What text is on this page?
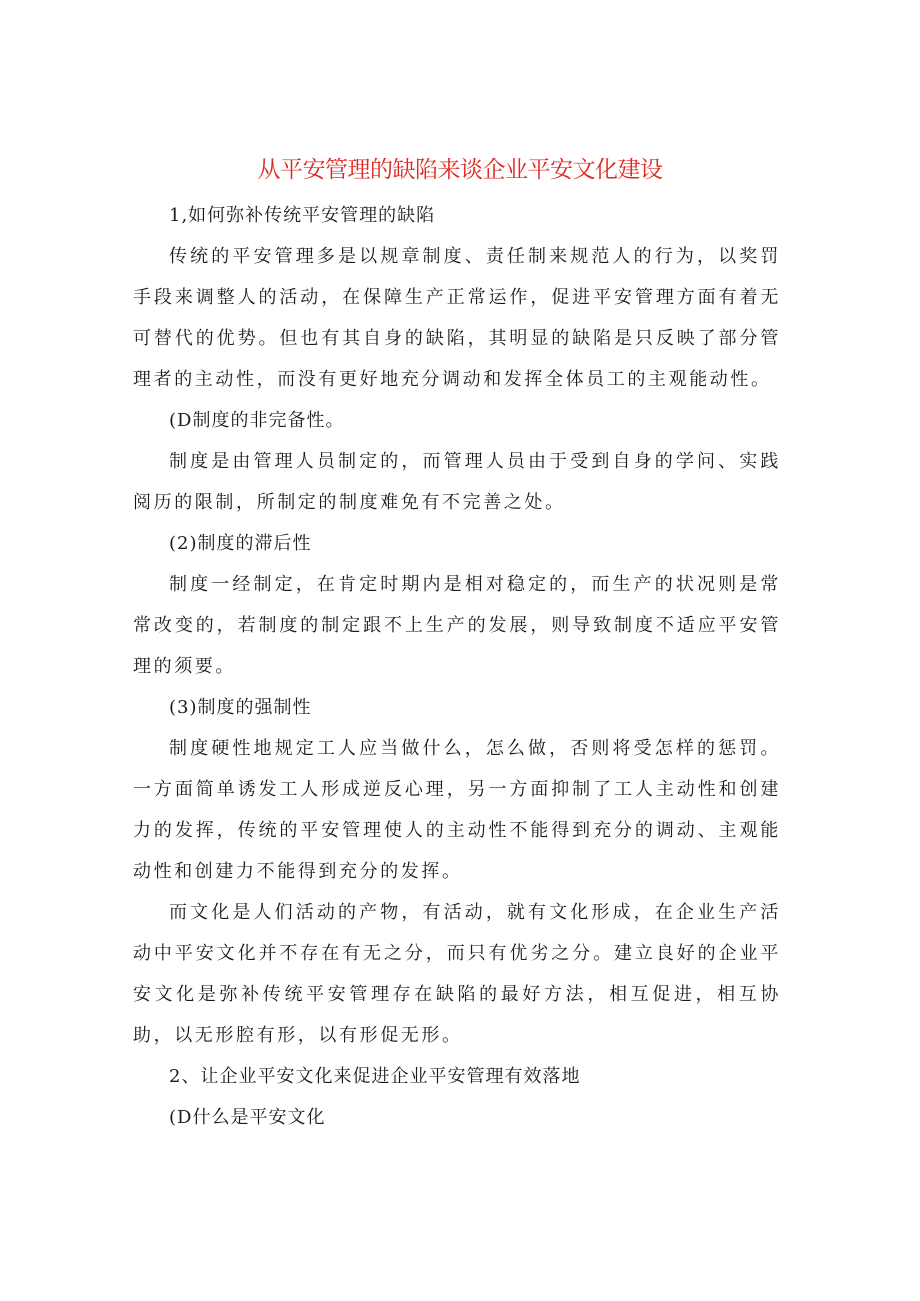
从平安管理的缺陷来谈企业平安文化建设

1,如何弥补传统平安管理的缺陷

传统的平安管理多是以规章制度、责任制来规范人的行为，以奖罚手段来调整人的活动，在保障生产正常运作，促进平安管理方面有着无可替代的优势。但也有其自身的缺陷，其明显的缺陷是只反映了部分管理者的主动性，而没有更好地充分调动和发挥全体员工的主观能动性。

(D制度的非完备性。

制度是由管理人员制定的，而管理人员由于受到自身的学问、实践阅历的限制，所制定的制度难免有不完善之处。

(2)制度的滞后性

制度一经制定，在肯定时期内是相对稳定的，而生产的状况则是常常改变的，若制度的制定跟不上生产的发展，则导致制度不适应平安管理的须要。

(3)制度的强制性

制度硬性地规定工人应当做什么，怎么做，否则将受怎样的惩罚。一方面简单诱发工人形成逆反心理，另一方面抑制了工人主动性和创建力的发挥，传统的平安管理使人的主动性不能得到充分的调动、主观能动性和创建力不能得到充分的发挥。

而文化是人们活动的产物，有活动，就有文化形成，在企业生产活动中平安文化并不存在有无之分，而只有优劣之分。建立良好的企业平安文化是弥补传统平安管理存在缺陷的最好方法，相互促进，相互协助，以无形腔有形，以有形促无形。

2、让企业平安文化来促进企业平安管理有效落地

(D什么是平安文化
